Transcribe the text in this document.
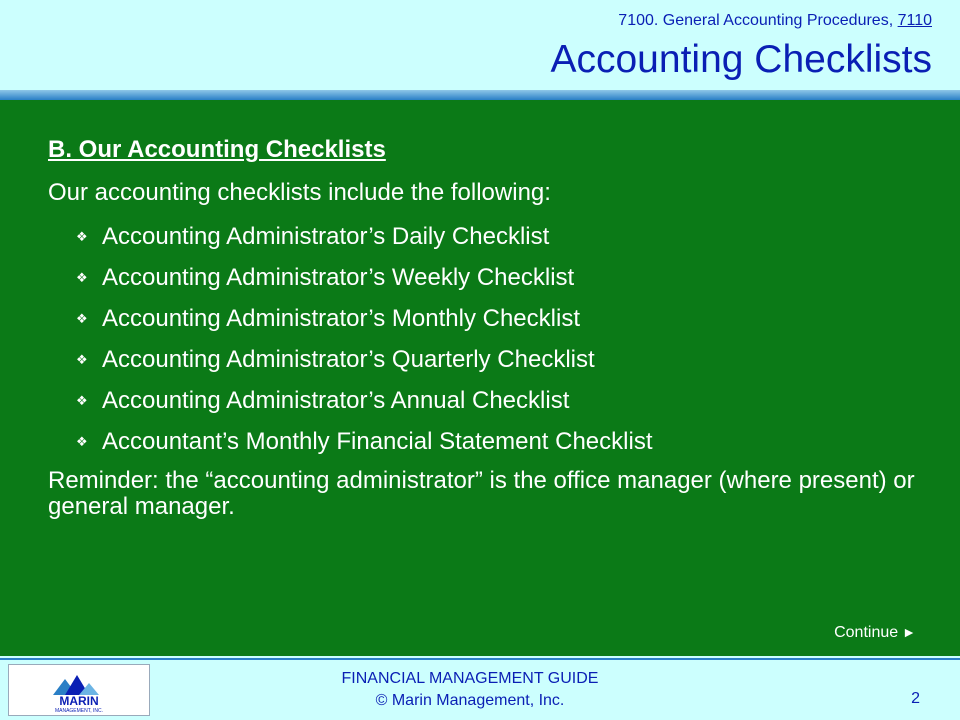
7100. General Accounting Procedures, 7110
Accounting Checklists
B. Our Accounting Checklists
Our accounting checklists include the following:
❖ Accounting Administrator’s Daily Checklist
❖ Accounting Administrator’s Weekly Checklist
❖ Accounting Administrator’s Monthly Checklist
❖ Accounting Administrator’s Quarterly Checklist
❖ Accounting Administrator’s Annual Checklist
❖ Accountant’s Monthly Financial Statement Checklist
Reminder: the “accounting administrator” is the office manager (where present) or general manager.
Continue ►
MARIN
MANAGEMENT, INC.
FINANCIAL MANAGEMENT GUIDE
© Marin Management, Inc.	2
